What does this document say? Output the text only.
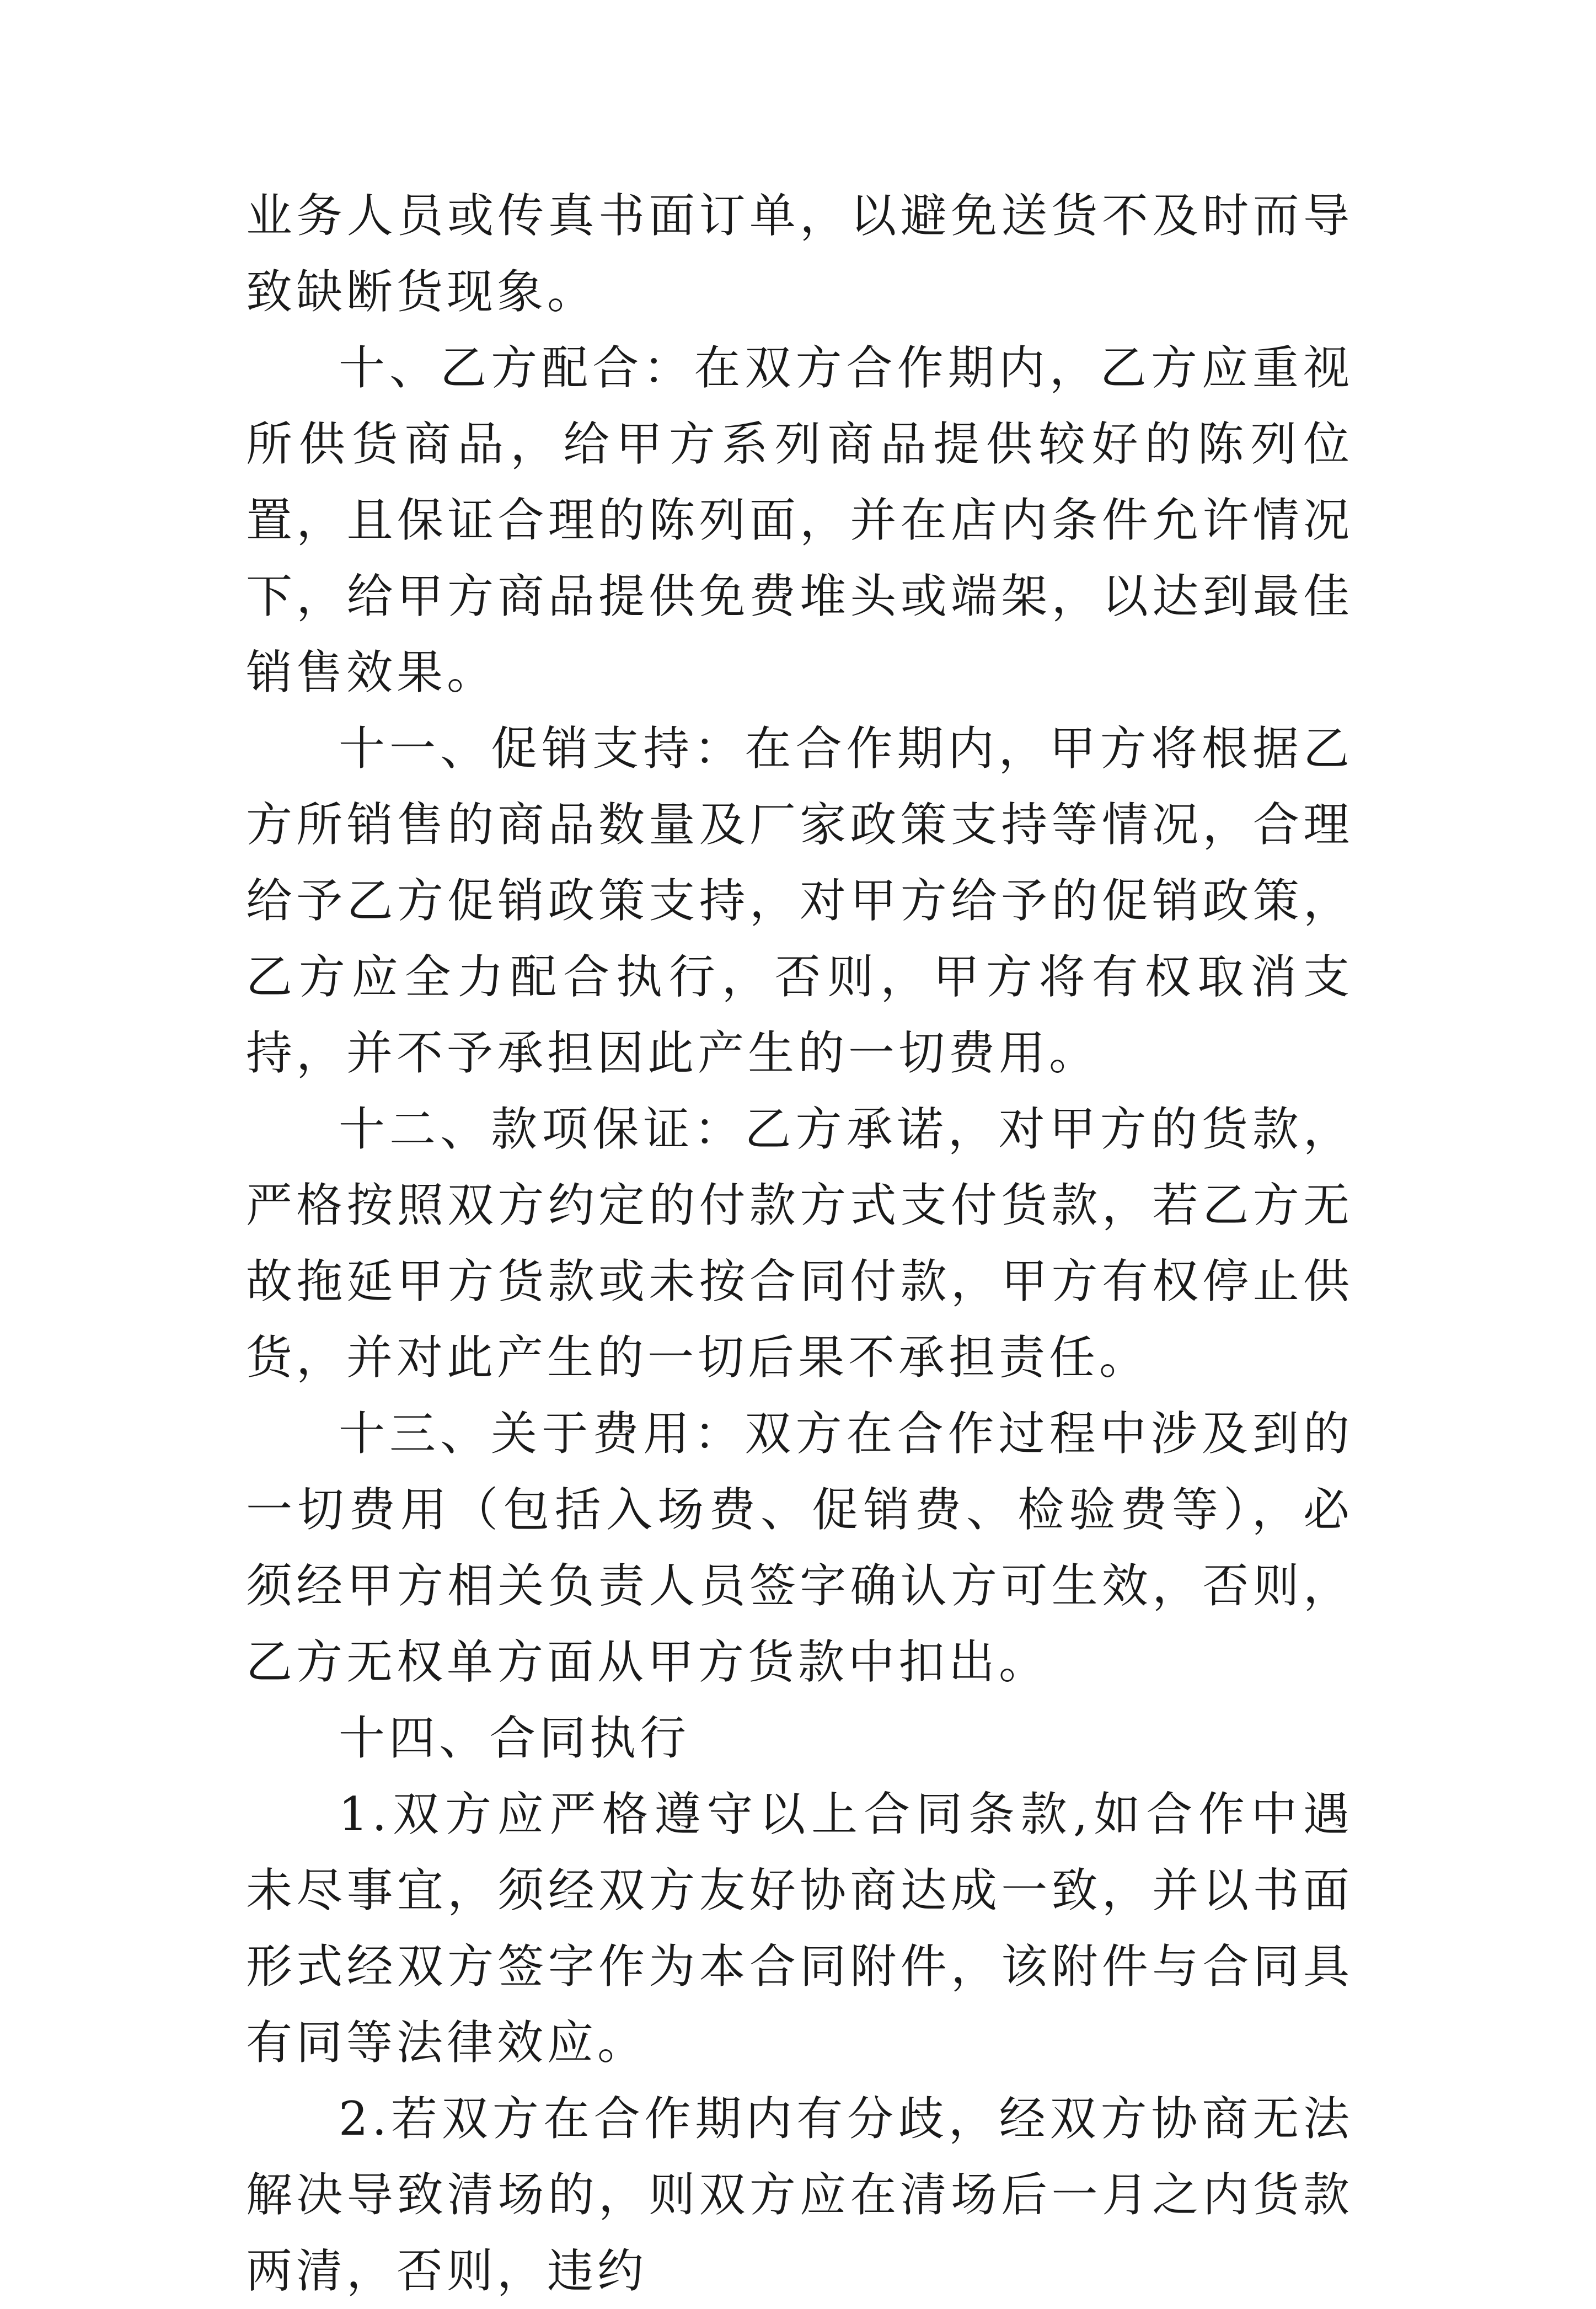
业务人员或传真书面订单，以避免送货不及时而导致缺断货现象。

十、乙方配合：在双方合作期内，乙方应重视所供货商品，给甲方系列商品提供较好的陈列位置，且保证合理的陈列面，并在店内条件允许情况下，给甲方商品提供免费堆头或端架，以达到最佳销售效果。

十一、促销支持：在合作期内，甲方将根据乙方所销售的商品数量及厂家政策支持等情况，合理给予乙方促销政策支持，对甲方给予的促销政策，乙方应全力配合执行，否则，甲方将有权取消支持，并不予承担因此产生的一切费用。

十二、款项保证：乙方承诺，对甲方的货款，严格按照双方约定的付款方式支付货款，若乙方无故拖延甲方货款或未按合同付款，甲方有权停止供货，并对此产生的一切后果不承担责任。

十三、关于费用：双方在合作过程中涉及到的一切费用（包括入场费、促销费、检验费等），必须经甲方相关负责人员签字确认方可生效，否则，乙方无权单方面从甲方货款中扣出。

十四、合同执行

1.双方应严格遵守以上合同条款,如合作中遇未尽事宜，须经双方友好协商达成一致，并以书面形式经双方签字作为本合同附件，该附件与合同具有同等法律效应。

2.若双方在合作期内有分歧，经双方协商无法解决导致清场的，则双方应在清场后一月之内货款两清，否则，违约
